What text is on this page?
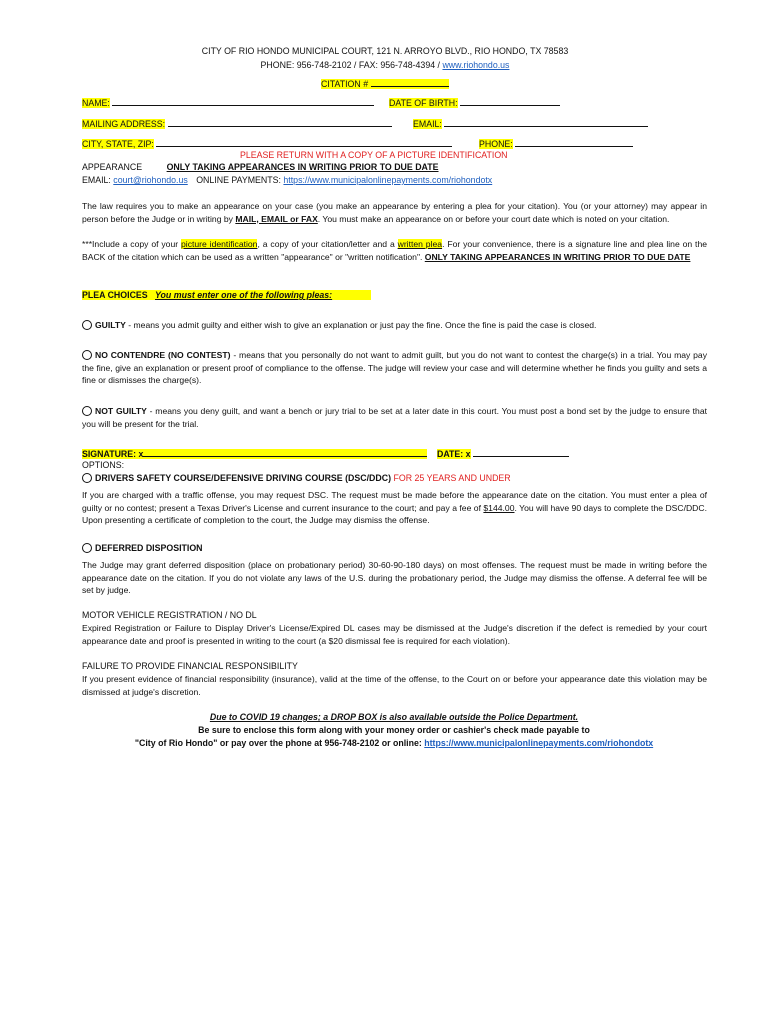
CITY OF RIO HONDO MUNICIPAL COURT, 121 N. ARROYO BLVD., RIO HONDO, TX 78583
PHONE: 956-748-2102 / FAX: 956-748-4394 / www.riohondo.us
CITATION #
NAME:	DATE OF BIRTH:
MAILING ADDRESS:	EMAIL:
CITY, STATE, ZIP:	PHONE:
PLEASE RETURN WITH A COPY OF A PICTURE IDENTIFICATION
APPEARANCE	ONLY TAKING APPEARANCES IN WRITING PRIOR TO DUE DATE
EMAIL: court@riohondo.us ONLINE PAYMENTS: https://www.municipalonlinepayments.com/riohondotx
The law requires you to make an appearance on your case (you make an appearance by entering a plea for your citation). You (or your attorney) may appear in person before the Judge or in writing by MAIL, EMAIL or FAX. You must make an appearance on or before your court date which is noted on your citation.
***Include a copy of your picture identification, a copy of your citation/letter and a written plea. For your convenience, there is a signature line and plea line on the BACK of the citation which can be used as a written "appearance" or "written notification". ONLY TAKING APPEARANCES IN WRITING PRIOR TO DUE DATE
PLEA CHOICES You must enter one of the following pleas:
GUILTY - means you admit guilty and either wish to give an explanation or just pay the fine. Once the fine is paid the case is closed.
NO CONTENDRE (NO CONTEST) - means that you personally do not want to admit guilt, but you do not want to contest the charge(s) in a trial. You may pay the fine, give an explanation or present proof of compliance to the offense. The judge will review your case and will determine whether he finds you guilty and sets a fine or dismisses the charge(s).
NOT GUILTY - means you deny guilt, and want a bench or jury trial to be set at a later date in this court. You must post a bond set by the judge to ensure that you will be present for the trial.
SIGNATURE: x	DATE: x
OPTIONS:
DRIVERS SAFETY COURSE/DEFENSIVE DRIVING COURSE (DSC/DDC) FOR 25 YEARS AND UNDER
If you are charged with a traffic offense, you may request DSC. The request must be made before the appearance date on the citation. You must enter a plea of guilty or no contest; present a Texas Driver's License and current insurance to the court; and pay a fee of $144.00. You will have 90 days to complete the DSC/DDC. Upon presenting a certificate of completion to the court, the Judge may dismiss the offense.
DEFERRED DISPOSITION
The Judge may grant deferred disposition (place on probationary period) 30-60-90-180 days) on most offenses. The request must be made in writing before the appearance date on the citation. If you do not violate any laws of the U.S. during the probationary period, the Judge may dismiss the offense. A deferral fee will be set by judge.
MOTOR VEHICLE REGISTRATION / NO DL
Expired Registration or Failure to Display Driver's License/Expired DL cases may be dismissed at the Judge's discretion if the defect is remedied by your court appearance date and proof is presented in writing to the court (a $20 dismissal fee is required for each violation).
FAILURE TO PROVIDE FINANCIAL RESPONSIBILITY
If you present evidence of financial responsibility (insurance), valid at the time of the offense, to the Court on or before your appearance date this violation may be dismissed at judge's discretion.
Due to COVID 19 changes; a DROP BOX is also available outside the Police Department.
Be sure to enclose this form along with your money order or cashier's check made payable to
"City of Rio Hondo" or pay over the phone at 956-748-2102 or online: https://www.municipalonlinepayments.com/riohondotx
